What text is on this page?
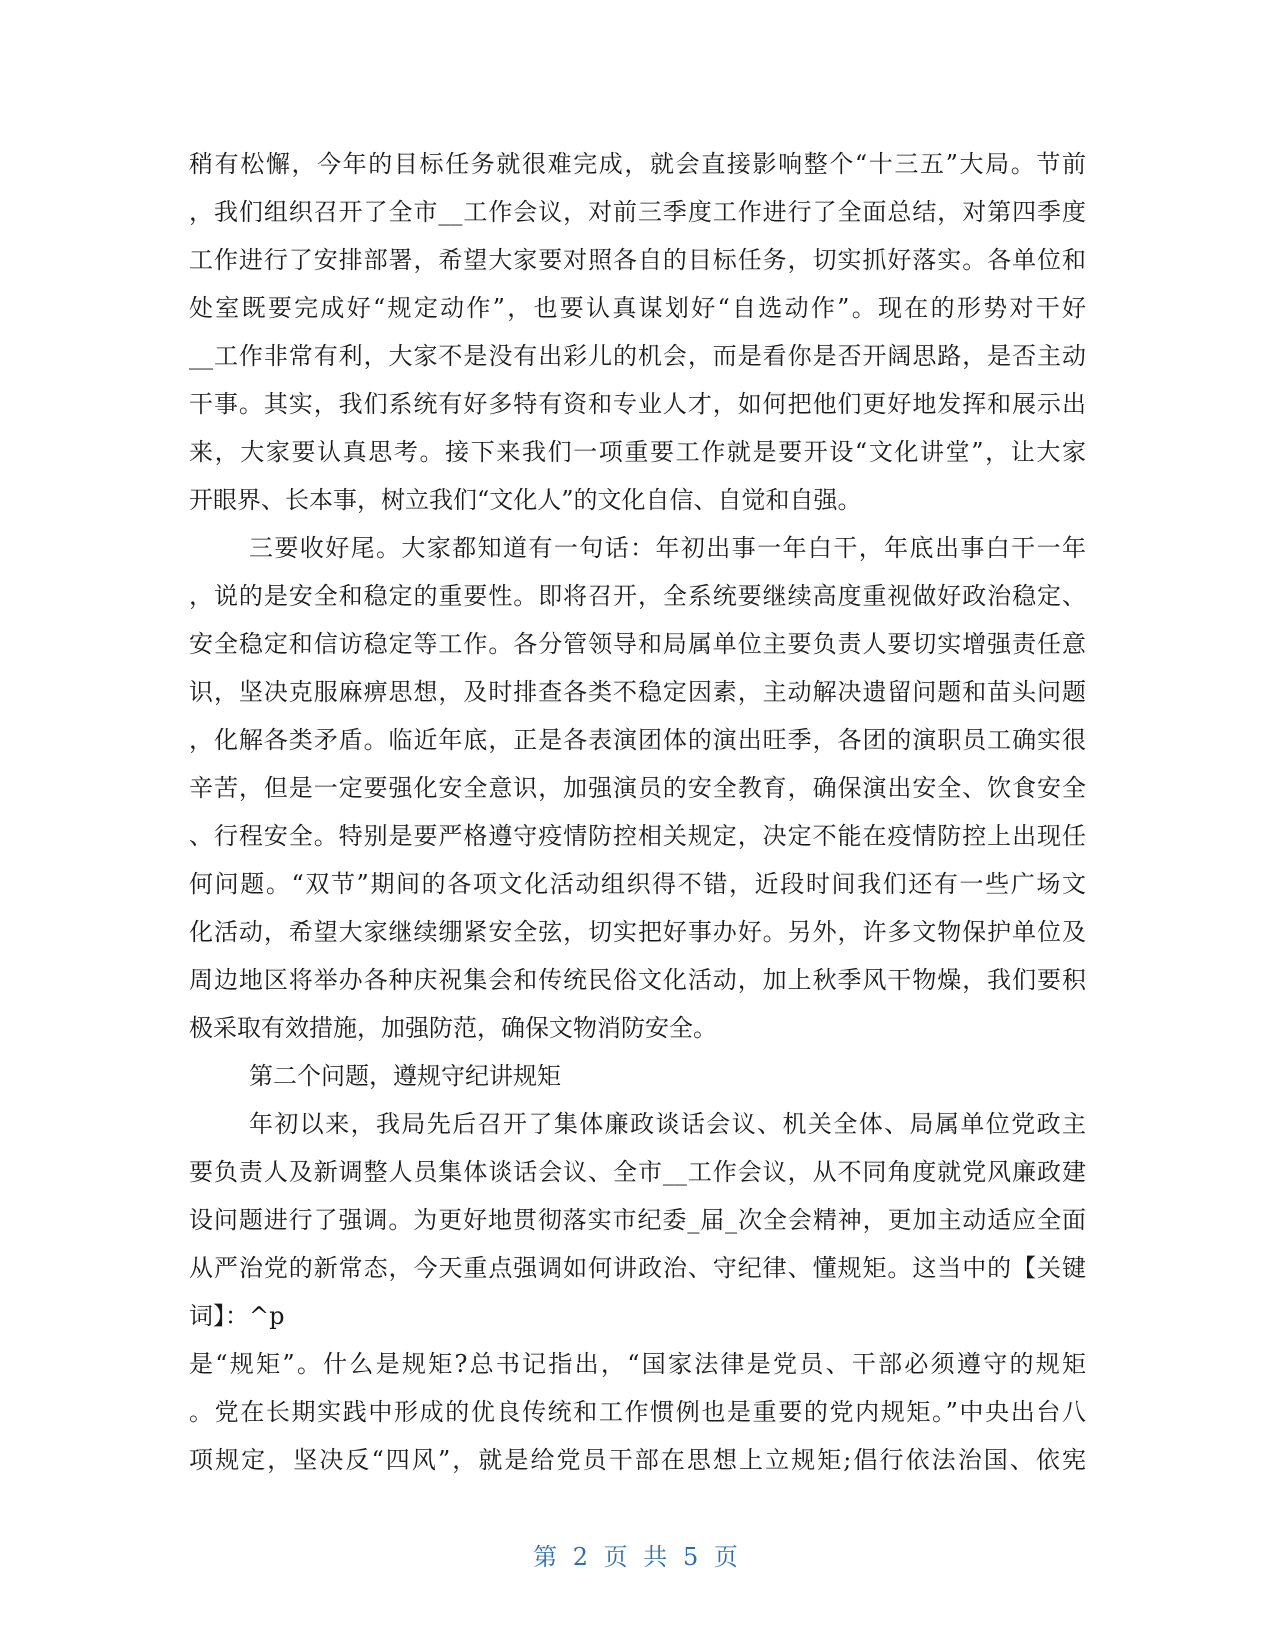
稍有松懈，今年的目标任务就很难完成，就会直接影响整个“十三五”大局。节前
，我们组织召开了全市__工作会议，对前三季度工作进行了全面总结，对第四季度
工作进行了安排部署，希望大家要对照各自的目标任务，切实抓好落实。各单位和
处室既要完成好“规定动作”，也要认真谋划好“自选动作”。现在的形势对干好
__工作非常有利，大家不是没有出彩儿的机会，而是看你是否开阔思路，是否主动
干事。其实，我们系统有好多特有资和专业人才，如何把他们更好地发挥和展示出
来，大家要认真思考。接下来我们一项重要工作就是要开设“文化讲堂”，让大家
开眼界、长本事，树立我们“文化人”的文化自信、自觉和自强。
三要收好尾。大家都知道有一句话：年初出事一年白干，年底出事白干一年
，说的是安全和稳定的重要性。即将召开，全系统要继续高度重视做好政治稳定、
安全稳定和信访稳定等工作。各分管领导和局属单位主要负责人要切实增强责任意
识，坚决克服麻痹思想，及时排查各类不稳定因素，主动解决遗留问题和苗头问题
，化解各类矛盾。临近年底，正是各表演团体的演出旺季，各团的演职员工确实很
辛苦，但是一定要强化安全意识，加强演员的安全教育，确保演出安全、饮食安全
、行程安全。特别是要严格遵守疫情防控相关规定，决定不能在疫情防控上出现任
何问题。“双节”期间的各项文化活动组织得不错，近段时间我们还有一些广场文
化活动，希望大家继续绷紧安全弦，切实把好事办好。另外，许多文物保护单位及
周边地区将举办各种庆祝集会和传统民俗文化活动，加上秋季风干物燥，我们要积
极采取有效措施，加强防范，确保文物消防安全。
第二个问题，遵规守纪讲规矩
年初以来，我局先后召开了集体廉政谈话会议、机关全体、局属单位党政主
要负责人及新调整人员集体谈话会议、全市__工作会议，从不同角度就党风廉政建
设问题进行了强调。为更好地贯彻落实市纪委_届_次全会精神，更加主动适应全面
从严治党的新常态，今天重点强调如何讲政治、守纪律、懂规矩。这当中的【关键
词】：^p
是“规矩”。什么是规矩?总书记指出，“国家法律是党员、干部必须遵守的规矩
。党在长期实践中形成的优良传统和工作惯例也是重要的党内规矩。”中央出台八
项规定，坚决反“四风”，就是给党员干部在思想上立规矩;倡行依法治国、依宪
第 2 页 共 5 页
